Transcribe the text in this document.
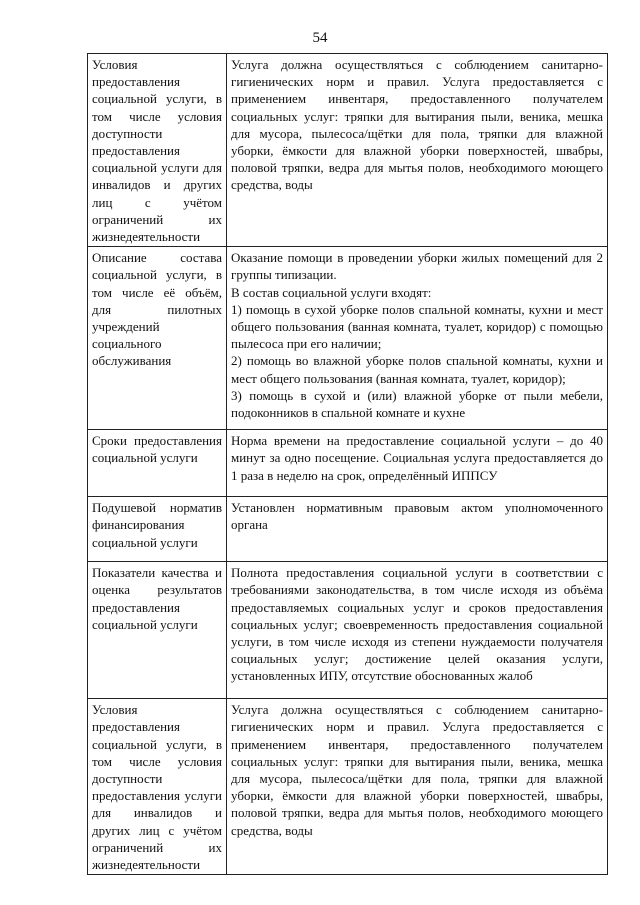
54
Условия предоставления социальной услуги, в том числе условия доступности предоставления социальной услуги для инвалидов и других лиц с учётом ограничений их жизнедеятельности	Услуга должна осуществляться с соблюдением санитарно-гигиенических норм и правил. Услуга предоставляется с применением инвентаря, предоставленного получателем социальных услуг: тряпки для вытирания пыли, веника, мешка для мусора, пылесоса/щётки для пола, тряпки для влажной уборки, ёмкости для влажной уборки поверхностей, швабры, половой тряпки, ведра для мытья полов, необходимого моющего средства, воды

Описание состава социальной услуги, в том числе её объём, для пилотных учреждений социального обслуживания	Оказание помощи в проведении уборки жилых помещений для 2 группы типизации.
В состав социальной услуги входят:
1) помощь в сухой уборке полов спальной комнаты, кухни и мест общего пользования (ванная комната, туалет, коридор) с помощью пылесоса при его наличии;
2) помощь во влажной уборке полов спальной комнаты, кухни и мест общего пользования (ванная комната, туалет, коридор);
3) помощь в сухой и (или) влажной уборке от пыли мебели, подоконников в спальной комнате и кухне

Сроки предоставления социальной услуги	Норма времени на предоставление социальной услуги – до 40 минут за одно посещение. Социальная услуга предоставляется до 1 раза в неделю на срок, определённый ИППСУ

Подушевой норматив финансирования социальной услуги	Установлен нормативным правовым актом уполномоченного органа

Показатели качества и оценка результатов предоставления социальной услуги	Полнота предоставления социальной услуги в соответствии с требованиями законодательства, в том числе исходя из объёма предоставляемых социальных услуг и сроков предоставления социальных услуг; своевременность предоставления социальной услуги, в том числе исходя из степени нуждаемости получателя социальных услуг; достижение целей оказания услуги, установленных ИПУ, отсутствие обоснованных жалоб

Условия предоставления социальной услуги, в том числе условия доступности предоставления услуги для инвалидов и других лиц с учётом ограничений их жизнедеятельности	Услуга должна осуществляться с соблюдением санитарно-гигиенических норм и правил. Услуга предоставляется с применением инвентаря, предоставленного получателем социальных услуг: тряпки для вытирания пыли, веника, мешка для мусора, пылесоса/щётки для пола, тряпки для влажной уборки, ёмкости для влажной уборки поверхностей, швабры, половой тряпки, ведра для мытья полов, необходимого моющего средства, воды
